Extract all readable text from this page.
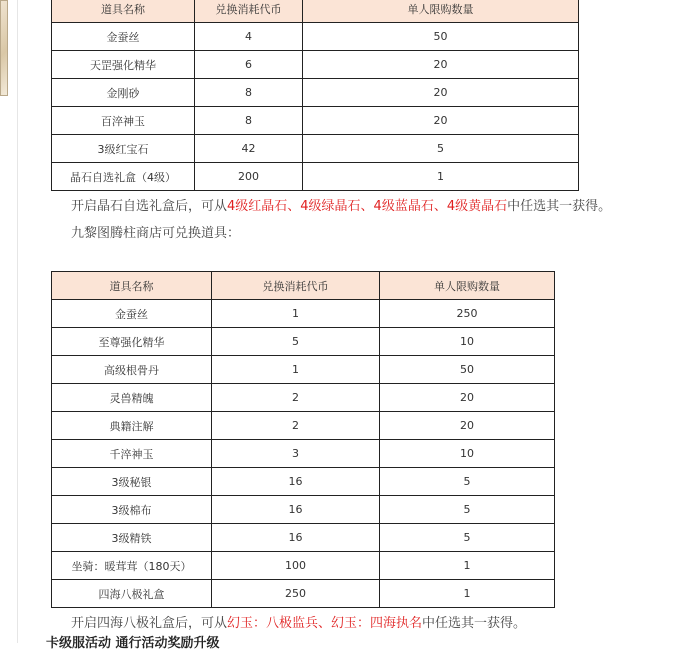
道具名称	兑换消耗代币	单人限购数量
金蚕丝	4	50
天罡强化精华	6	20
金刚砂	8	20
百淬神玉	8	20
3级红宝石	42	5
晶石自选礼盒（4级）	200	1

开启晶石自选礼盒后，可从4级红晶石、4级绿晶石、4级蓝晶石、4级黄晶石中任选其一获得。

九黎图腾柱商店可兑换道具：

道具名称	兑换消耗代币	单人限购数量
金蚕丝	1	250
至尊强化精华	5	10
高级根骨丹	1	50
灵兽精魄	2	20
典籍注解	2	20
千淬神玉	3	10
3级秘银	16	5
3级棉布	16	5
3级精铁	16	5
坐骑：暖茸茸（180天）	100	1
四海八极礼盒	250	1

开启四海八极礼盒后，可从幻玉：八极监兵、幻玉：四海执名中任选其一获得。

卡级服活动 通行活动奖励升级
